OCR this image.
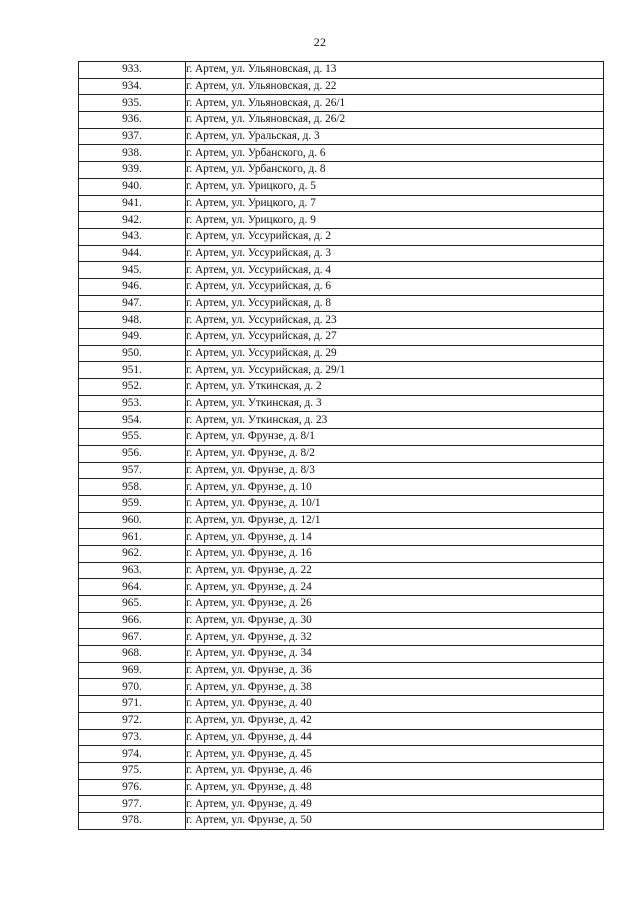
22
933.	г. Артем, ул. Ульяновская, д. 13
934.	г. Артем, ул. Ульяновская, д. 22
935.	г. Артем, ул. Ульяновская, д. 26/1
936.	г. Артем, ул. Ульяновская, д. 26/2
937.	г. Артем, ул. Уральская, д. 3
938.	г. Артем, ул. Урбанского, д. 6
939.	г. Артем, ул. Урбанского, д. 8
940.	г. Артем, ул. Урицкого, д. 5
941.	г. Артем, ул. Урицкого, д. 7
942.	г. Артем, ул. Урицкого, д. 9
943.	г. Артем, ул. Уссурийская, д. 2
944.	г. Артем, ул. Уссурийская, д. 3
945.	г. Артем, ул. Уссурийская, д. 4
946.	г. Артем, ул. Уссурийская, д. 6
947.	г. Артем, ул. Уссурийская, д. 8
948.	г. Артем, ул. Уссурийская, д. 23
949.	г. Артем, ул. Уссурийская, д. 27
950.	г. Артем, ул. Уссурийская, д. 29
951.	г. Артем, ул. Уссурийская, д. 29/1
952.	г. Артем, ул. Уткинская, д. 2
953.	г. Артем, ул. Уткинская, д. 3
954.	г. Артем, ул. Уткинская, д. 23
955.	г. Артем, ул. Фрунзе, д. 8/1
956.	г. Артем, ул. Фрунзе, д. 8/2
957.	г. Артем, ул. Фрунзе, д. 8/3
958.	г. Артем, ул. Фрунзе, д. 10
959.	г. Артем, ул. Фрунзе, д. 10/1
960.	г. Артем, ул. Фрунзе, д. 12/1
961.	г. Артем, ул. Фрунзе, д. 14
962.	г. Артем, ул. Фрунзе, д. 16
963.	г. Артем, ул. Фрунзе, д. 22
964.	г. Артем, ул. Фрунзе, д. 24
965.	г. Артем, ул. Фрунзе, д. 26
966.	г. Артем, ул. Фрунзе, д. 30
967.	г. Артем, ул. Фрунзе, д. 32
968.	г. Артем, ул. Фрунзе, д. 34
969.	г. Артем, ул. Фрунзе, д. 36
970.	г. Артем, ул. Фрунзе, д. 38
971.	г. Артем, ул. Фрунзе, д. 40
972.	г. Артем, ул. Фрунзе, д. 42
973.	г. Артем, ул. Фрунзе, д. 44
974.	г. Артем, ул. Фрунзе, д. 45
975.	г. Артем, ул. Фрунзе, д. 46
976.	г. Артем, ул. Фрунзе, д. 48
977.	г. Артем, ул. Фрунзе, д. 49
978.	г. Артем, ул. Фрунзе, д. 50
